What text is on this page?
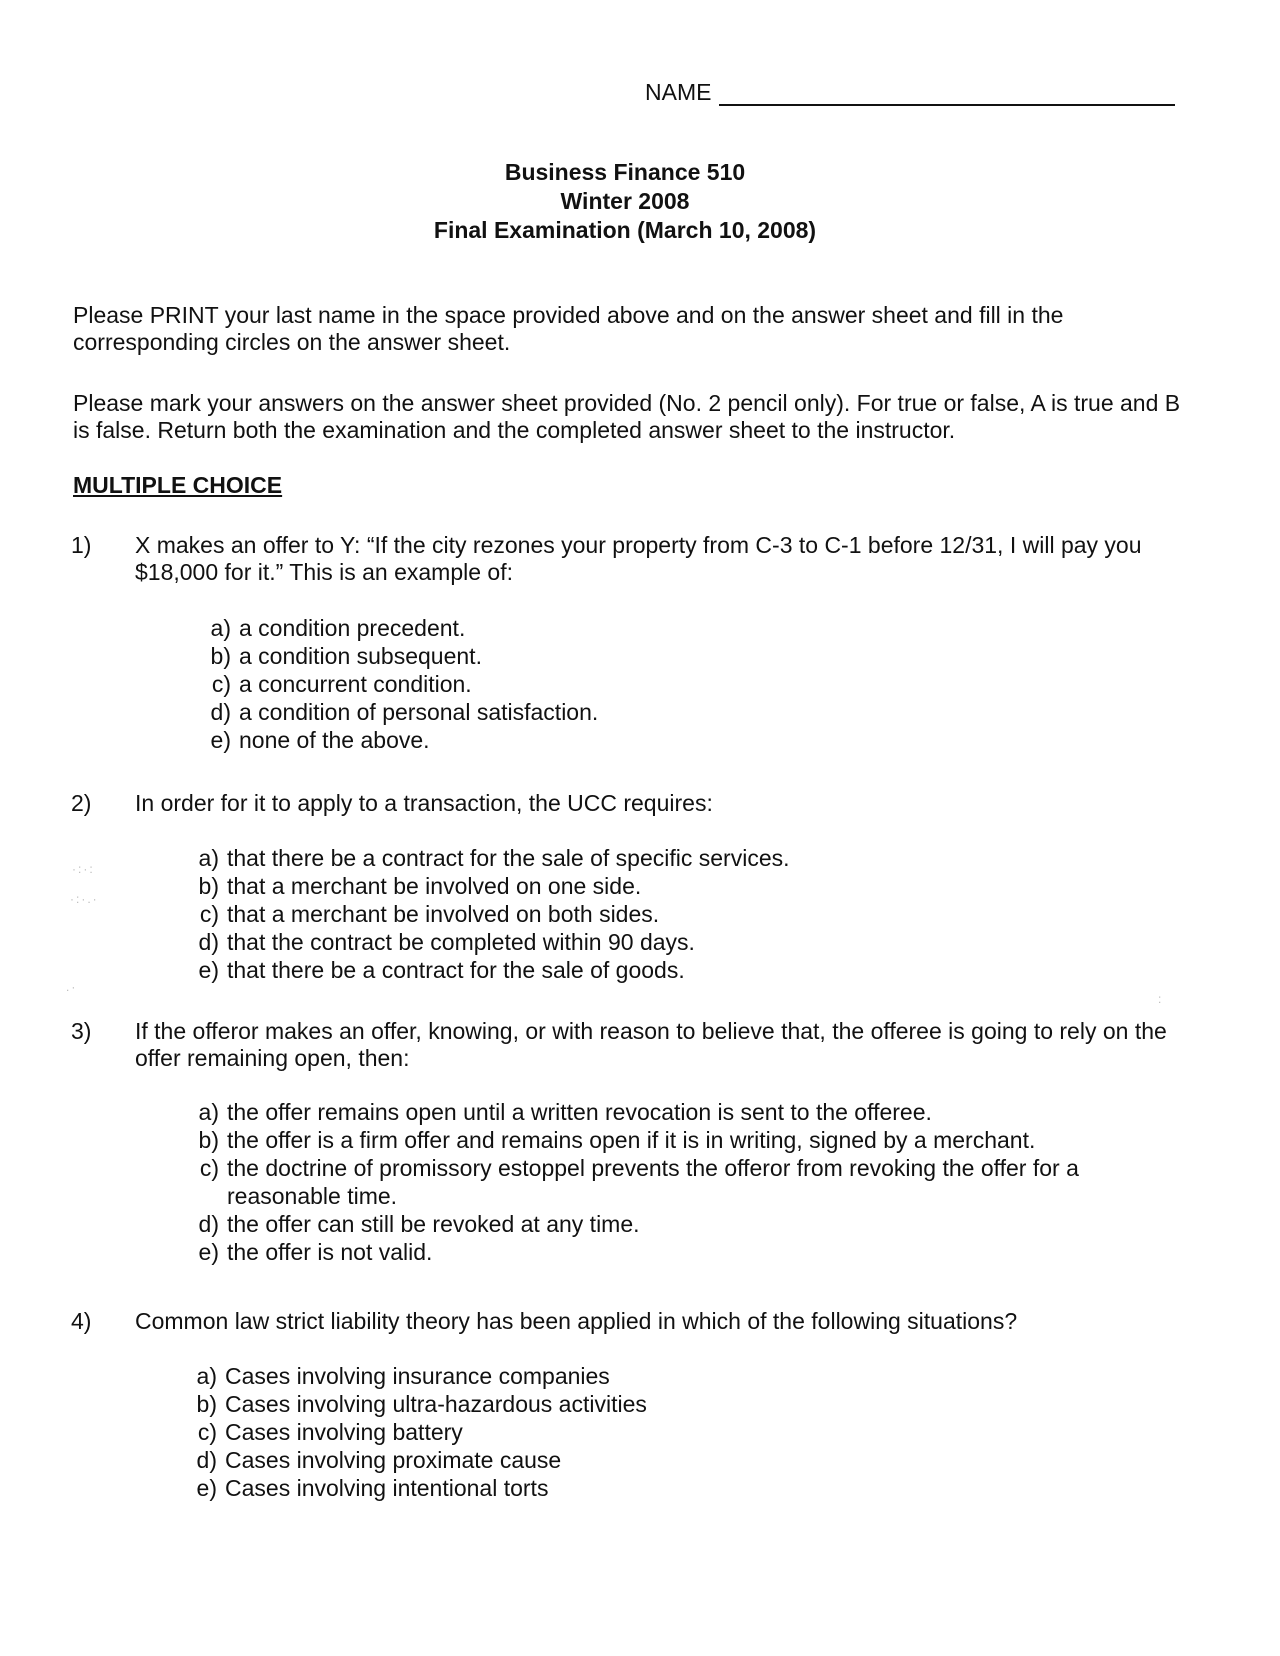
NAME
Business Finance 510
Winter 2008
Final Examination (March 10, 2008)
Please PRINT your last name in the space provided above and on the answer sheet and fill in the corresponding circles on the answer sheet.
Please mark your answers on the answer sheet provided (No. 2 pencil only). For true or false, A is true and B is false. Return both the examination and the completed answer sheet to the instructor.
MULTIPLE CHOICE
1)	X makes an offer to Y: “If the city rezones your property from C-3 to C-1 before 12/31, I will pay you $18,000 for it.” This is an example of:
a) a condition precedent.
b) a condition subsequent.
c) a concurrent condition.
d) a condition of personal satisfaction.
e) none of the above.
2)	In order for it to apply to a transaction, the UCC requires:
a) that there be a contract for the sale of specific services.
b) that a merchant be involved on one side.
c) that a merchant be involved on both sides.
d) that the contract be completed within 90 days.
e) that there be a contract for the sale of goods.
3)	If the offeror makes an offer, knowing, or with reason to believe that, the offeree is going to rely on the offer remaining open, then:
a) the offer remains open until a written revocation is sent to the offeree.
b) the offer is a firm offer and remains open if it is in writing, signed by a merchant.
c) the doctrine of promissory estoppel prevents the offeror from revoking the offer for a reasonable time.
d) the offer can still be revoked at any time.
e) the offer is not valid.
4)	Common law strict liability theory has been applied in which of the following situations?
a) Cases involving insurance companies
b) Cases involving ultra-hazardous activities
c) Cases involving battery
d) Cases involving proximate cause
e) Cases involving intentional torts
·:·:
·:·.·
.·
:
